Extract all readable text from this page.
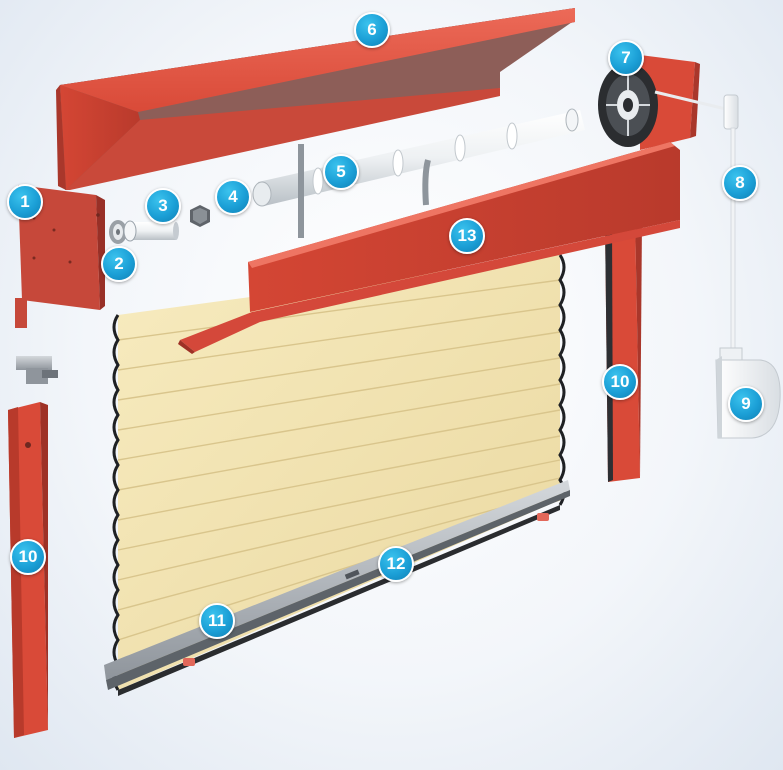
1
2
3	4
5
6
7
8
9
10
10
11
12
13
